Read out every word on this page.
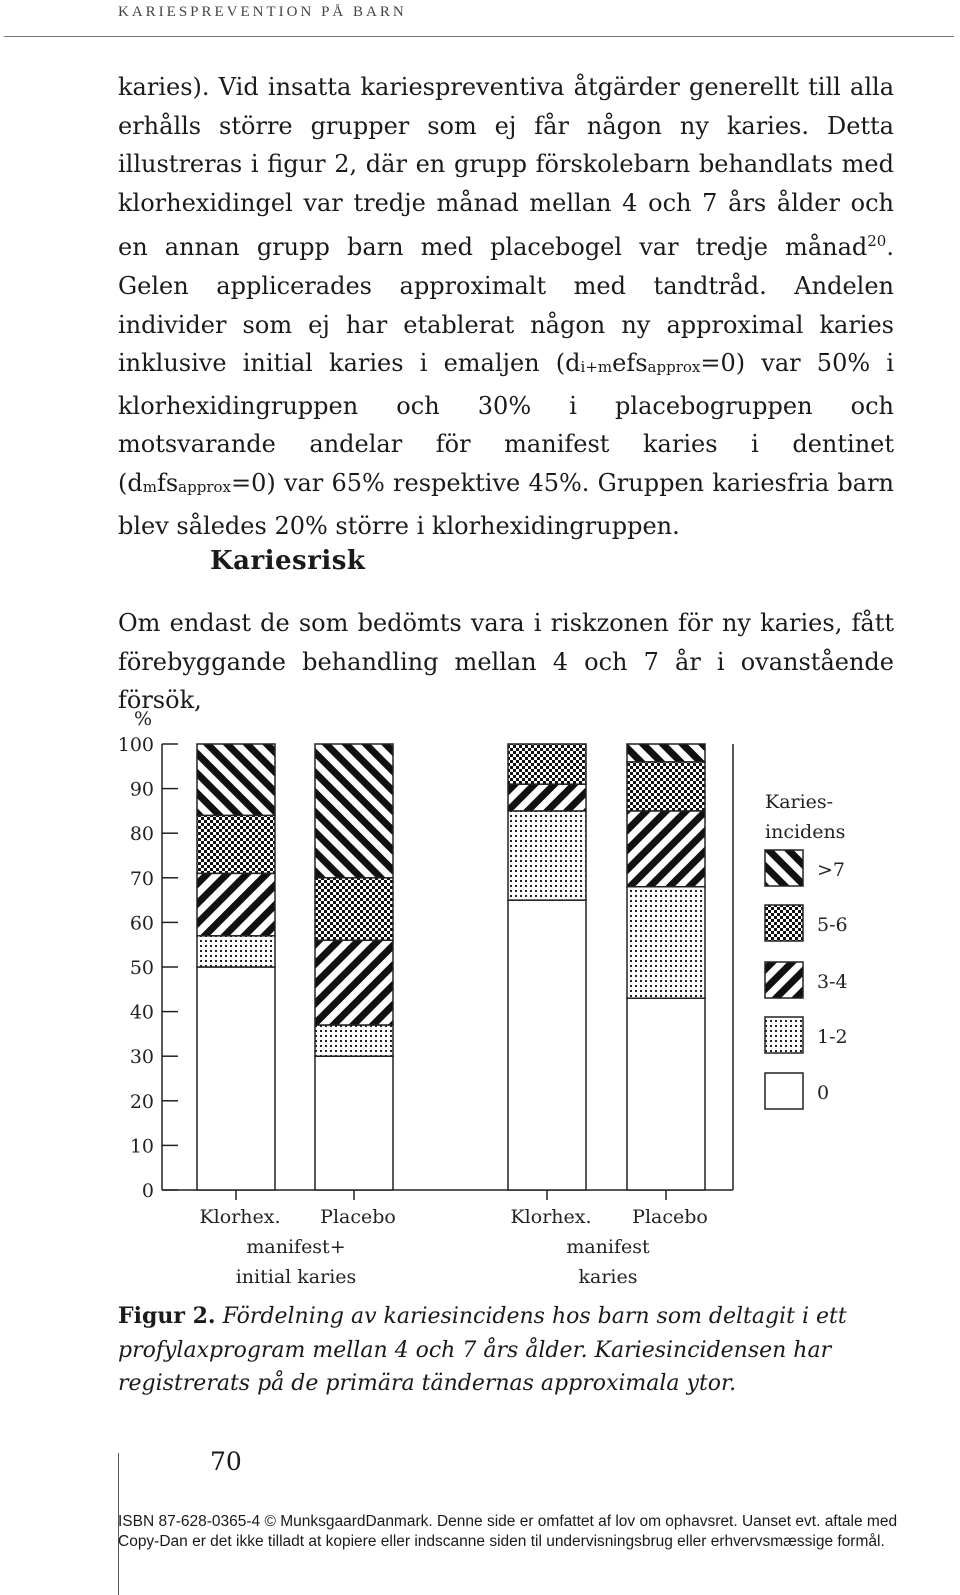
KARIESPREVENTION PÅ BARN

karies). Vid insatta kariespreventiva åtgärder generellt till alla erhålls större grupper som ej får någon ny karies. Detta illustreras i figur 2, där en grupp förskolebarn behandlats med klorhexidingel var tredje månad mellan 4 och 7 års ålder och en annan grupp barn med placebogel var tredje månad$^{20}$. Gelen applicerades approximalt med tandtråd. Andelen individer som ej har etablerat någon ny approximal karies inklusive initial karies i emaljen $(d_{i+m}efs_{approx}=0)$ var 50% i klorhexidingruppen och 30% i placebogruppen och motsvarande andelar för manifest karies i dentinet $(d_mfs_{approx}=0)$ var 65% respektive 45%. Gruppen kariesfria barn blev således 20% större i klorhexidingruppen.

Kariesrisk

Om endast de som bedömts vara i riskzonen för ny karies, fått förebyggande behandling mellan 4 och 7 år i ovanstående försök,

%
0
10
20
30
40
50
60
70
80
90
100
Klorhex. Placebo	Klorhex. Placebo
manifest+
initial karies
manifest
karies
Karies-
incidens
>7
5-6
3-4
1-2
0

Figur 2. Fördelning av kariesincidens hos barn som deltagit i ett profylaxprogram mellan 4 och 7 års ålder. Kariesincidensen har registrerats på de primära tändernas approximala ytor.

70

ISBN 87-628-0365-4 © MunksgaardDanmark. Denne side er omfattet af lov om ophavsret. Uanset evt. aftale med
Copy-Dan er det ikke tilladt at kopiere eller indscanne siden til undervisningsbrug eller erhvervsmæssige formål.
